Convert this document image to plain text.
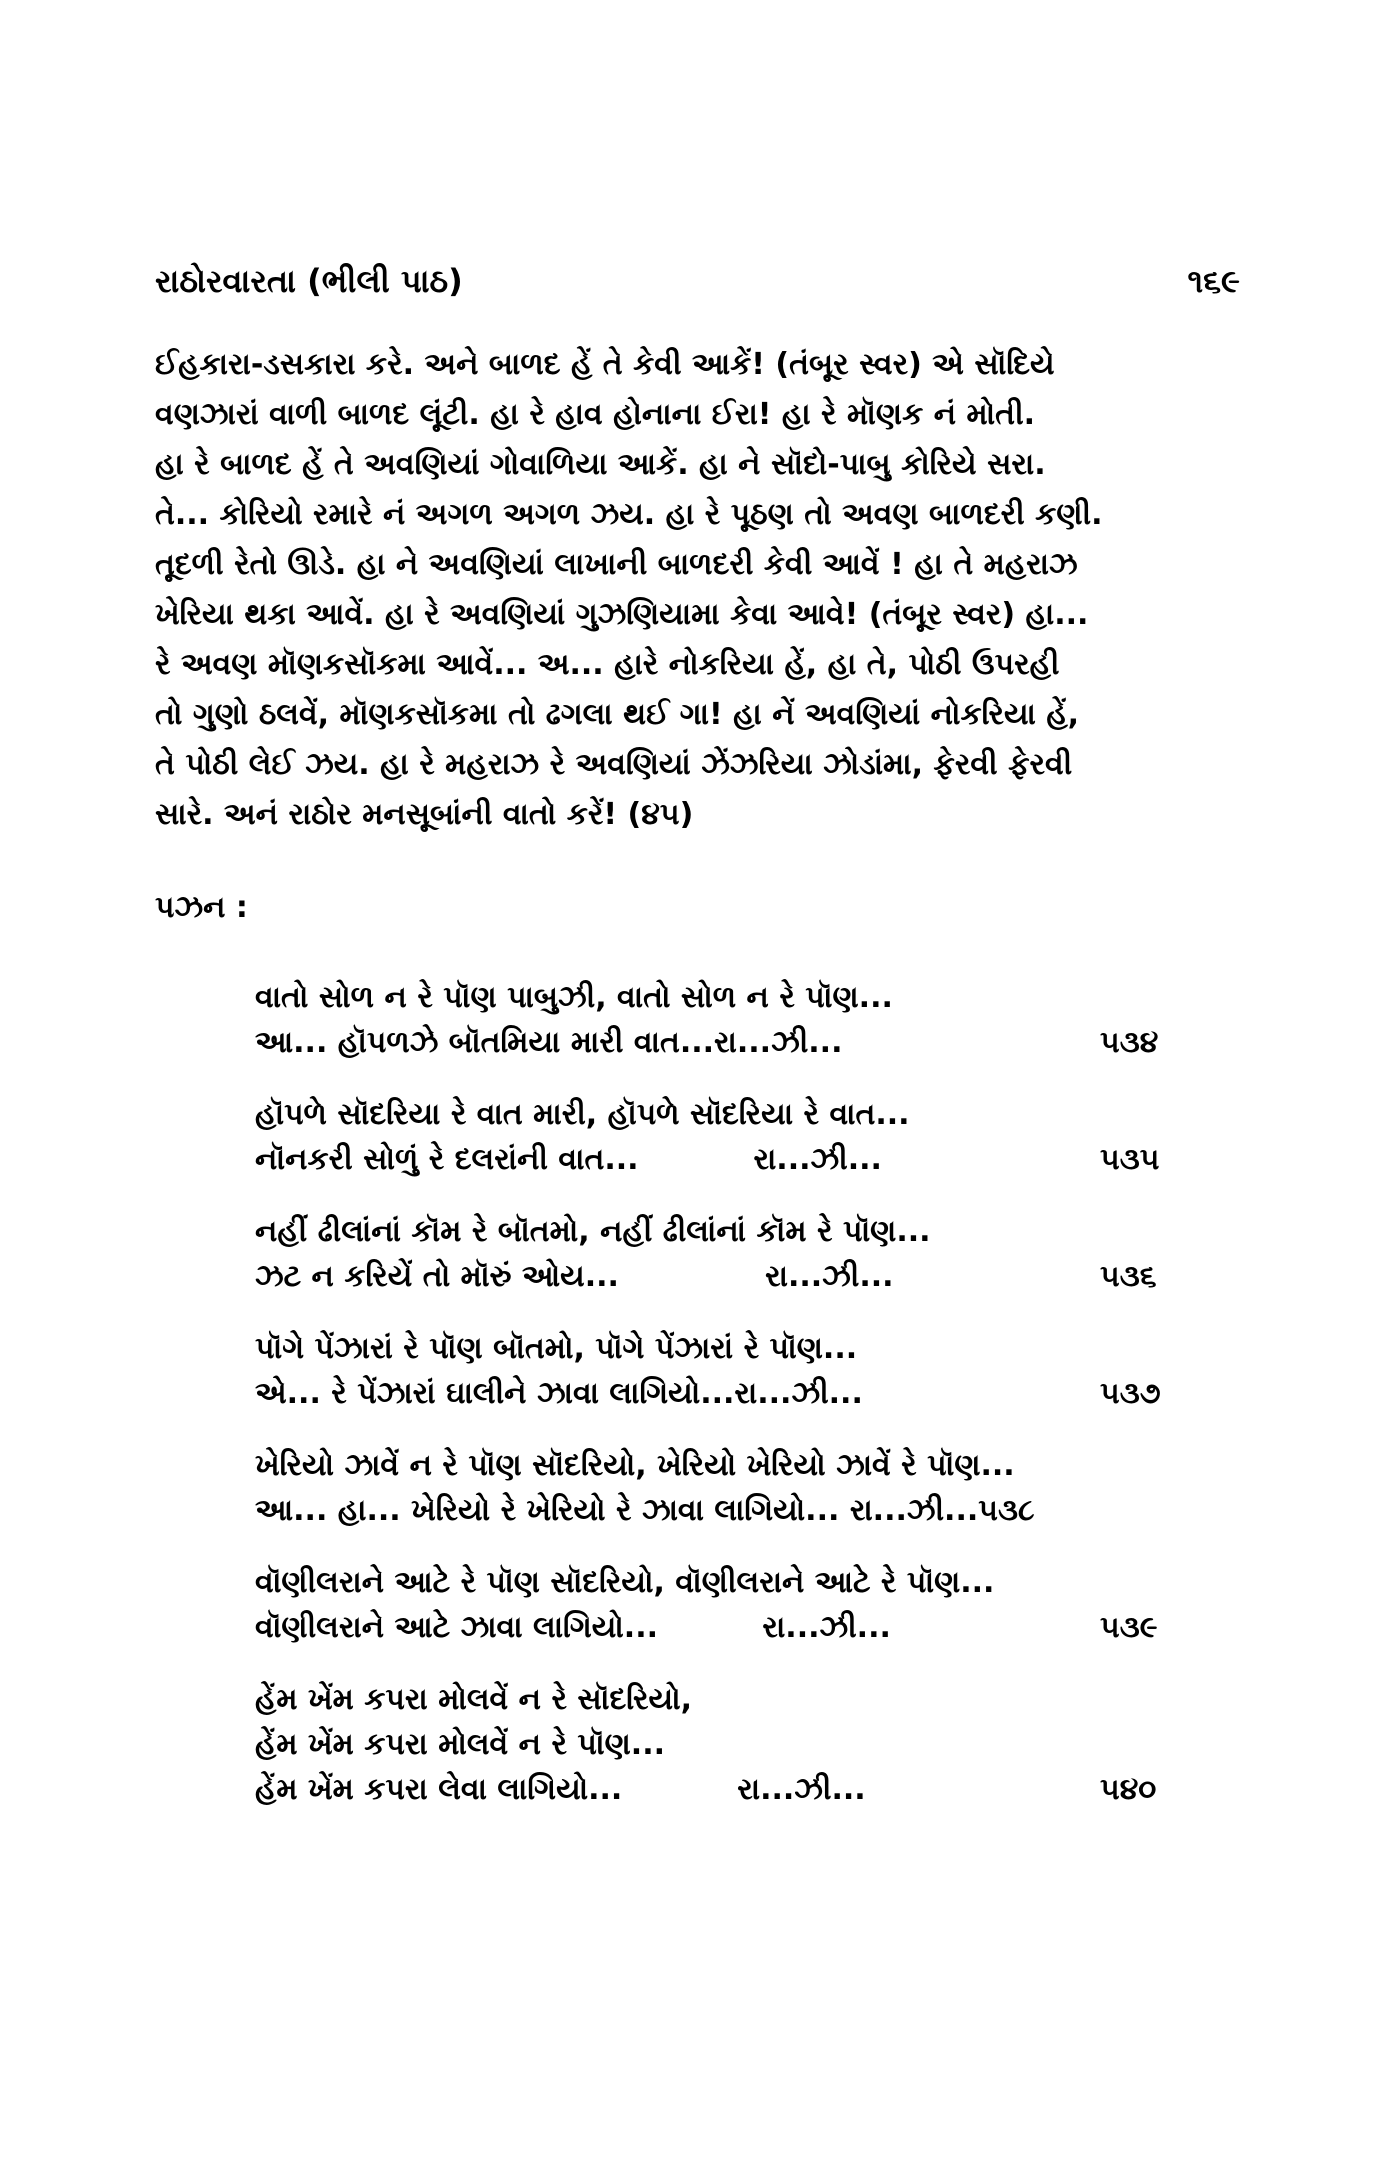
રાઠોરવારતા (ભીલી પાઠ)	૧૬૯
ઈહકારા-ડસકારા કરે. અને બાળદ હેં તે કેવી આકેં! (તંબૂર સ્વર) એ સૉદિયે
વણઝારાં વાળી બાળદ લૂંટી. હા રે હાવ હોનાના ઈરા! હા રે મૉણક નં મોતી.
હા રે બાળદ હેં તે અવણિયાં ગોવાળિયા આકેં. હા ને સૉદો-પાબુ કોરિયે સરા.
તે... કોરિયો રમારે નં અગળ અગળ ઝય. હા રે પૂઠણ તો અવણ બાળદરી કણી.
તૂદળી રેતો ઊડે. હા ને અવણિયાં લાખાની બાળદરી કેવી આવેં ! હા તે મહરાઝ
ખેરિયા થકા આવેં. હા રે અવણિયાં ગુઝણિયામા કેવા આવે! (તંબૂર સ્વર) હા...
રે અવણ મૉણકસૉકમા આવેં... અ... હારે નોકરિયા હેં, હા તે, પોઠી ઉપરહી
તો ગુણો ઠલવેં, મૉણકસૉકમા તો ઢગલા થઈ ગા! હા નેં અવણિયાં નોકરિયા હેં,
તે પોઠી લેઈ ઝય. હા રે મહરાઝ રે અવણિયાં ઝેંઝરિયા ઝોડાંમા, ફેરવી ફેરવી
સારે. અનં રાઠોર મનસૂબાંની વાતો કરેં! (૪૫)
પઝન :
વાતો સોળ ન રે પૉણ પાબુઝી, વાતો સોળ ન રે પૉણ...
આ... હૉપળઝે બૉતમિયા મારી વાત...રા...ઝી...	૫૩૪
હૉપળે સૉદરિયા રે વાત મારી, હૉપળે સૉદરિયા રે વાત...
નૉનકરી સોળું રે દલરાંની વાત...           રા...ઝી...	૫૩૫
નહીં ઢીલાંનાં કૉમ રે બૉતમો, નહીં ઢીલાંનાં કૉમ રે પૉણ...
ઝટ ન કરિયેં તો મૉરું ઓય...              રા...ઝી...	૫૩૬
પૉગે પેંઝારાં રે પૉણ બૉતમો, પૉગે પેંઝારાં રે પૉણ...
એ... રે પેંઝારાં ઘાલીને ઝાવા લાગિયો...રા...ઝી...	૫૩૭
ખેરિયો ઝાવેં ન રે પૉણ સૉદરિયો, ખેરિયો ખેરિયો ઝાવેં રે પૉણ...
આ... હા... ખેરિયો રે ખેરિયો રે ઝાવા લાગિયો... રા...ઝી...૫૩૮
વૉણીલરાને આટે રે પૉણ સૉદરિયો, વૉણીલરાને આટે રે પૉણ...
વૉણીલરાને આટે ઝાવા લાગિયો...          રા...ઝી...	૫૩૯
હેંમ ખેંમ કપરા મોલવેં ન રે સૉદરિયો,
હેંમ ખેંમ કપરા મોલવેં ન રે પૉણ...
હેંમ ખેંમ કપરા લેવા લાગિયો...           રા...ઝી...	૫૪૦
